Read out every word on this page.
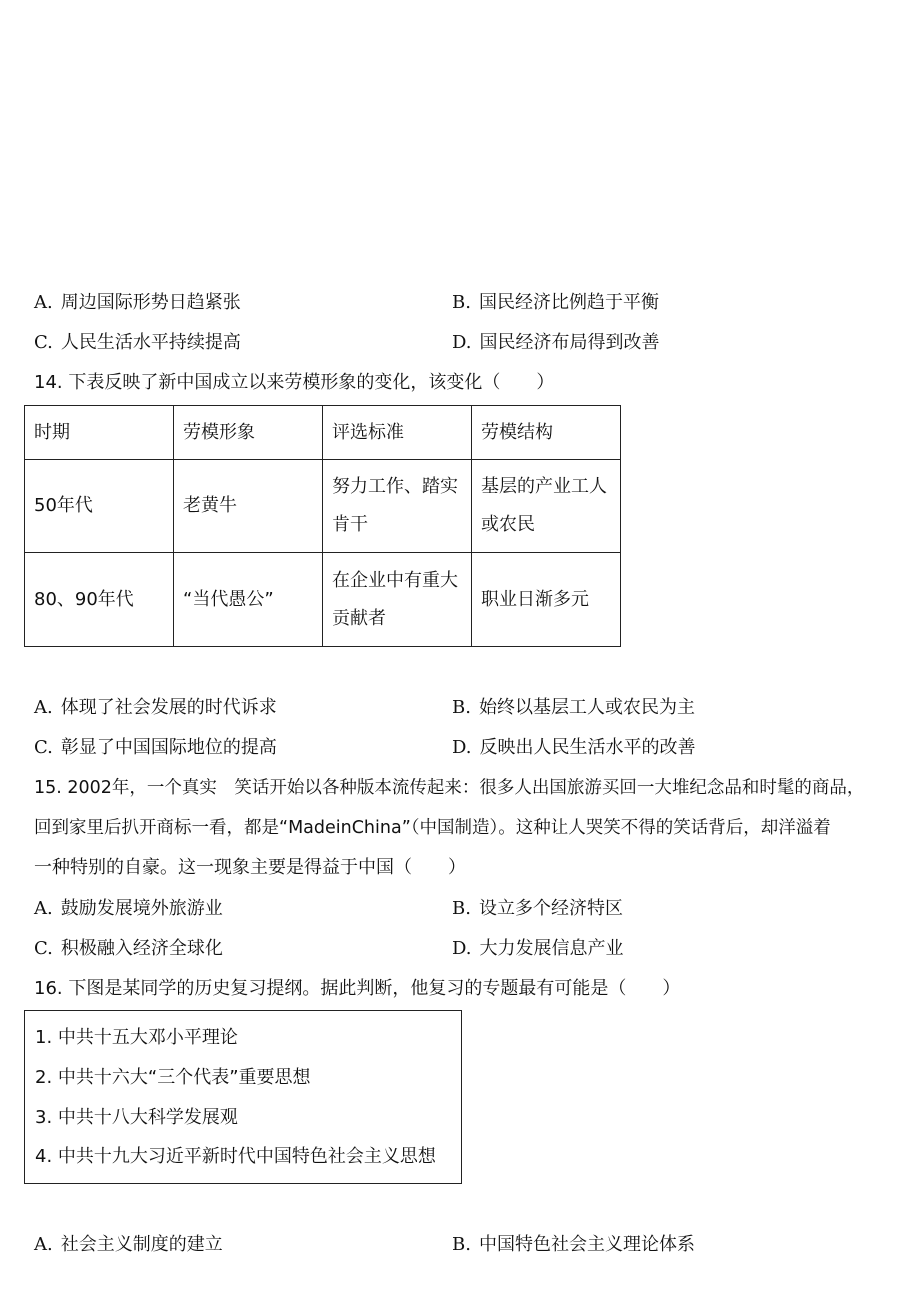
A. 周边国际形势日趋紧张	B. 国民经济比例趋于平衡
C. 人民生活水平持续提高	D. 国民经济布局得到改善
14. 下表反映了新中国成立以来劳模形象的变化，该变化（　　）
时期	劳模形象	评选标准	劳模结构
50年代	老黄牛	努力工作、踏实肯干	基层的产业工人或农民
80、90年代	“当代愚公”	在企业中有重大贡献者	职业日渐多元
A. 体现了社会发展的时代诉求	B. 始终以基层工人或农民为主
C. 彰显了中国国际地位的提高	D. 反映出人民生活水平的改善
15. 2002年，一个真实　笑话开始以各种版本流传起来：很多人出国旅游买回一大堆纪念品和时髦的商品，
回到家里后扒开商标一看，都是“MadeinChina”（中国制造）。这种让人哭笑不得的笑话背后，却洋溢着
一种特别的自豪。这一现象主要是得益于中国（　　）
A. 鼓励发展境外旅游业	B. 设立多个经济特区
C. 积极融入经济全球化	D. 大力发展信息产业
16. 下图是某同学的历史复习提纲。据此判断，他复习的专题最有可能是（　　）
1. 中共十五大邓小平理论
2. 中共十六大“三个代表”重要思想
3. 中共十八大科学发展观
4. 中共十九大习近平新时代中国特色社会主义思想
A. 社会主义制度的建立	B. 中国特色社会主义理论体系
